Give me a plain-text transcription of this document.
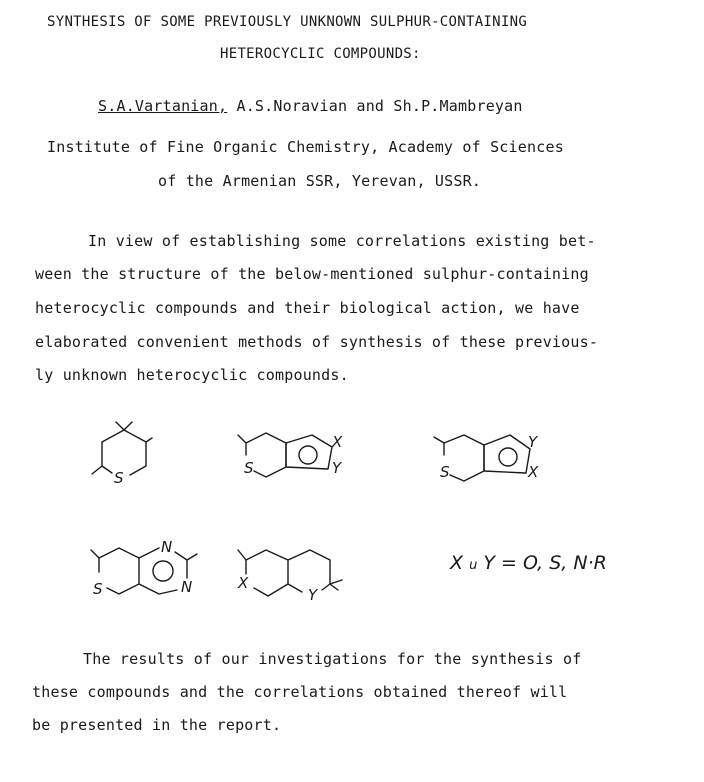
SYNTHESIS OF SOME PREVIOUSLY UNKNOWN SULPHUR-CONTAINING
HETEROCYCLIC COMPOUNDS:
S.A.Vartanian, A.S.Noravian and Sh.P.Mambreyan
Institute of Fine Organic Chemistry, Academy of Sciences
of the Armenian SSR, Yerevan, USSR.
In view of establishing some correlations existing bet-
ween the structure of the below-mentioned sulphur-containing
heterocyclic compounds and their biological action, we have
elaborated convenient methods of synthesis of these previous-
ly unknown heterocyclic compounds.
S
S
X
Y	S
Y
X
N
N
S	X
Y
X u Y = O, S, N·R
The results of our investigations for the synthesis of
these compounds and the correlations obtained thereof will
be presented in the report.
